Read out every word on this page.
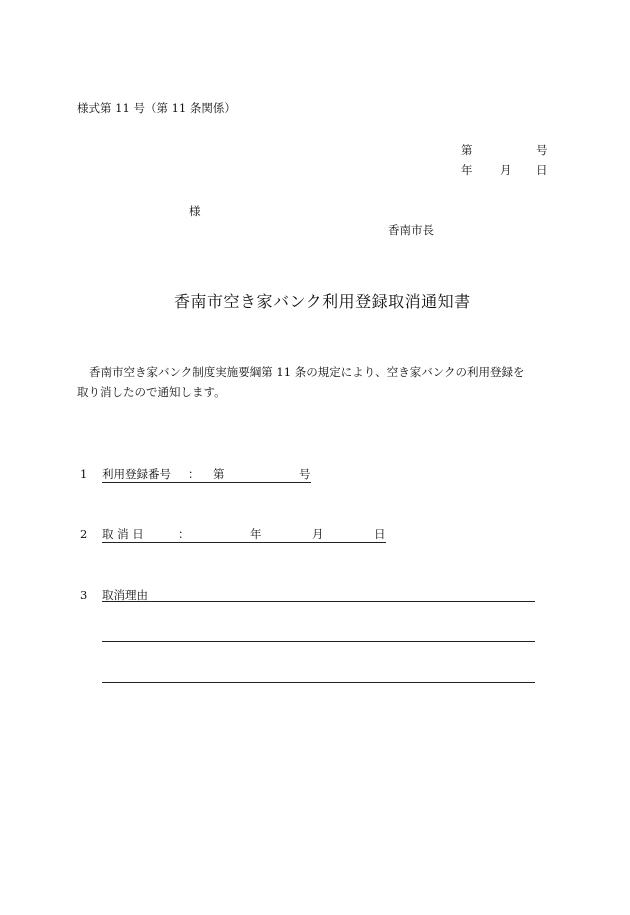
様式第 11 号（第 11 条関係）
第	号
年 月 日
様
香南市長
香南市空き家バンク利用登録取消通知書
香南市空き家バンク制度実施要綱第 11 条の規定により、空き家バンクの利用登録を
取り消したので通知します。
1 利用登録番号 ： 第	号
2 取 消 日	：	年	月	日
3 取消理由
